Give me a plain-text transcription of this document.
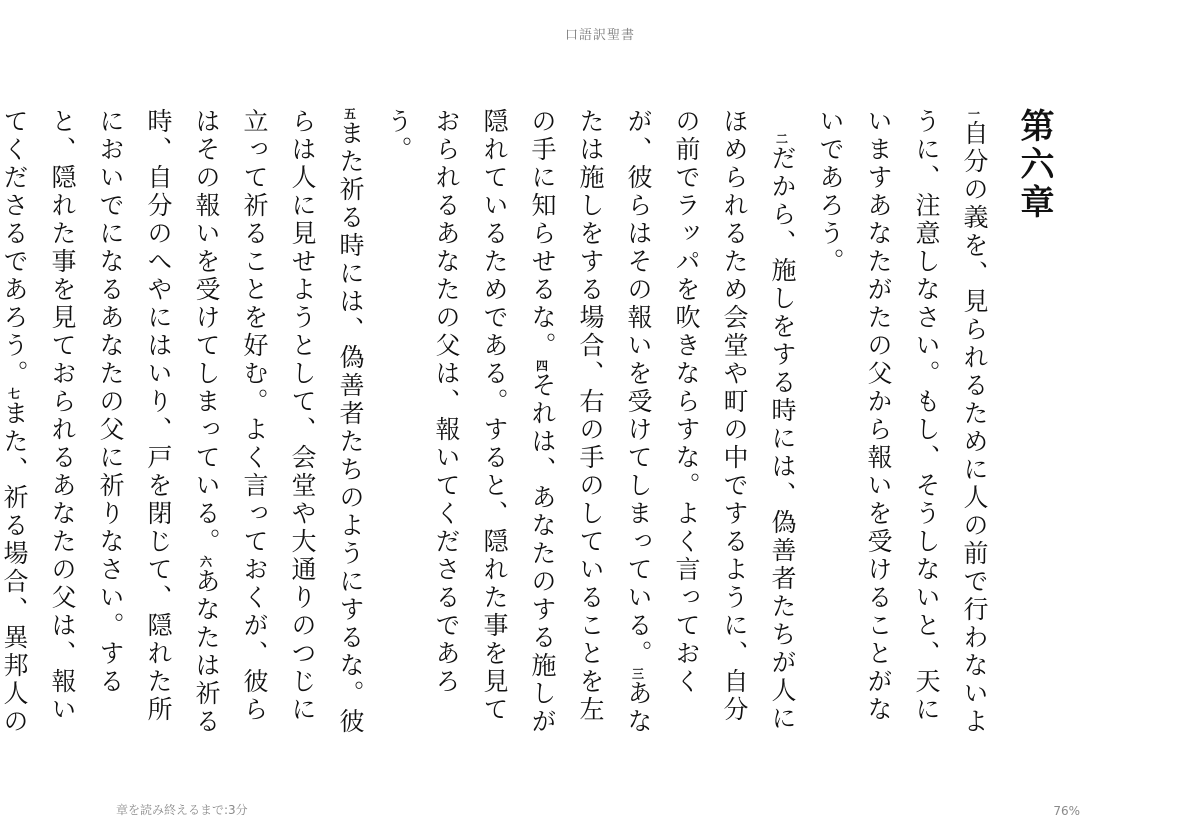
口語訳聖書
第六章

$^一$自分の義を、見られるために人の前で行わないように、注意しなさい。もし、そうしないと、天にいますあなたがたの父から報いを受けることがないであろう。

$^二$だから、施しをする時には、偽善者たちが人にほめられるため会堂や町の中でするように、自分の前でラッパを吹きならすな。よく言っておくが、彼らはその報いを受けてしまっている。$^三$あなたは施しをする場合、右の手のしていることを左の手に知らせるな。$^四$それは、あなたのする施しが隠れているためである。すると、隠れた事を見ておられるあなたの父は、報いてくださるであろう。

$^五$また祈る時には、偽善者たちのようにするな。彼らは人に見せようとして、会堂や大通りのつじに立って祈ることを好む。よく言っておくが、彼らはその報いを受けてしまっている。$^六$あなたは祈る時、自分のへやにはいり、戸を閉じて、隠れた所においでになるあなたの父に祈りなさい。すると、隠れた事を見ておられるあなたの父は、報いてくださるであろう。$^七$また、祈る場合、異邦人の

章を読み終えるまで:3分	76%
